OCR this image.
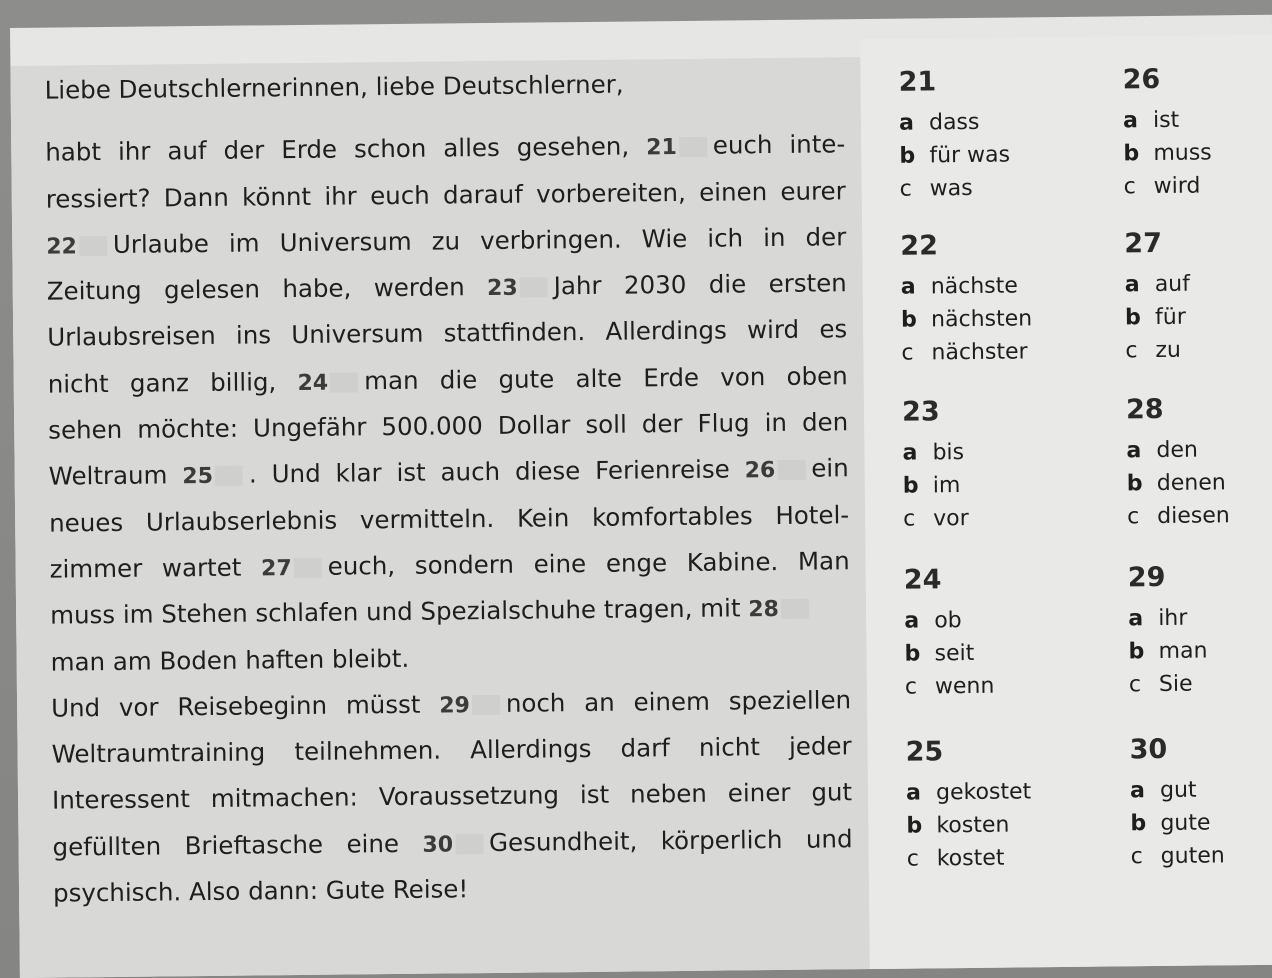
Liebe Deutschlernerinnen, liebe Deutschlerner,
habt ihr auf der Erde schon alles gesehen, 21 euch inte-
ressiert? Dann könnt ihr euch darauf vorbereiten, einen eurer
22 Urlaube im Universum zu verbringen. Wie ich in der
Zeitung gelesen habe, werden 23 Jahr 2030 die ersten
Urlaubsreisen ins Universum stattfinden. Allerdings wird es
nicht ganz billig, 24 man die gute alte Erde von oben
sehen möchte: Ungefähr 500.000 Dollar soll der Flug in den
Weltraum 25 . Und klar ist auch diese Ferienreise 26 ein
neues Urlaubserlebnis vermitteln. Kein komfortables Hotel-
zimmer wartet 27 euch, sondern eine enge Kabine. Man
muss im Stehen schlafen und Spezialschuhe tragen, mit 28
man am Boden haften bleibt.
Und vor Reisebeginn müsst 29 noch an einem speziellen
Weltraumtraining teilnehmen. Allerdings darf nicht jeder
Interessent mitmachen: Voraussetzung ist neben einer gut
gefüllten Brieftasche eine 30 Gesundheit, körperlich und
psychisch. Also dann: Gute Reise!
21
a dass
b für was
c was
22
a nächste
b nächsten
c nächster
23
a bis
b im
c vor
24
a ob
b seit
c wenn
25
a gekostet
b kosten
c kostet
26
a ist
b muss
c wird
27
a auf
b für
c zu
28
a den
b denen
c diesen
29
a ihr
b man
c Sie
30
a gut
b gute
c guten
